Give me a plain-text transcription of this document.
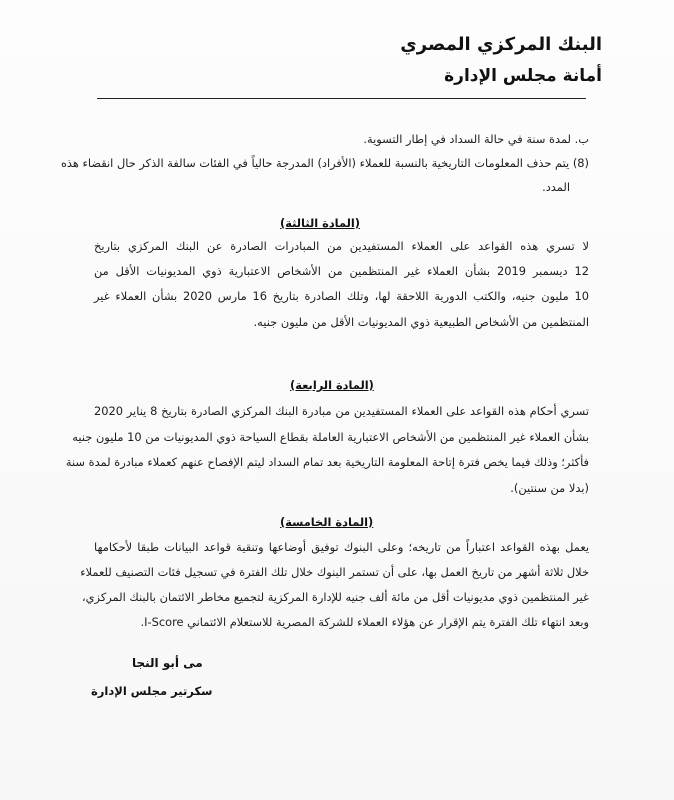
البنك المركزي المصري
أمانة مجلس الإدارة
ب. لمدة سنة في حالة السداد في إطار التسوية.
(8) يتم حذف المعلومات التاريخية بالنسبة للعملاء (الأفراد) المدرجة حالياً في الفئات سالفة الذكر حال انقضاء هذه
المدد.
(المادة الثالثة)
لا تسري هذه القواعد على العملاء المستفيدين من المبادرات الصادرة عن البنك المركزي بتاريخ
12 ديسمبر 2019 بشأن العملاء غير المنتظمين من الأشخاص الاعتبارية ذوي المديونيات الأقل من
10 مليون جنيه، والكتب الدورية اللاحقة لها، وتلك الصادرة بتاريخ 16 مارس 2020 بشأن العملاء غير
المنتظمين من الأشخاص الطبيعية ذوي المديونيات الأقل من مليون جنيه.
(المادة الرابعة)
تسري أحكام هذه القواعد على العملاء المستفيدين من مبادرة البنك المركزي الصادرة بتاريخ 8 يناير 2020
بشأن العملاء غير المنتظمين من الأشخاص الاعتبارية العاملة بقطاع السياحة ذوي المديونيات من 10 مليون جنيه
فأكثر؛ وذلك فيما يخص فترة إتاحة المعلومة التاريخية بعد تمام السداد ليتم الإفصاح عنهم كعملاء مبادرة لمدة سنة
(بدلا من سنتين).
(المادة الخامسة)
يعمل بهذه القواعد اعتباراً من تاريخه؛ وعلى البنوك توفيق أوضاعها وتنقية قواعد البيانات طبقا لأحكامها
خلال ثلاثة أشهر من تاريخ العمل بها، على أن تستمر البنوك خلال تلك الفترة في تسجيل فئات التصنيف للعملاء
غير المنتظمين ذوي مديونيات أقل من مائة ألف جنيه للإدارة المركزية لتجميع مخاطر الائتمان بالبنك المركزي،
وبعد انتهاء تلك الفترة يتم الإقرار عن هؤلاء العملاء للشركة المصرية للاستعلام الائتماني I-Score.
مى أبو النجا
سكرتير مجلس الإدارة
